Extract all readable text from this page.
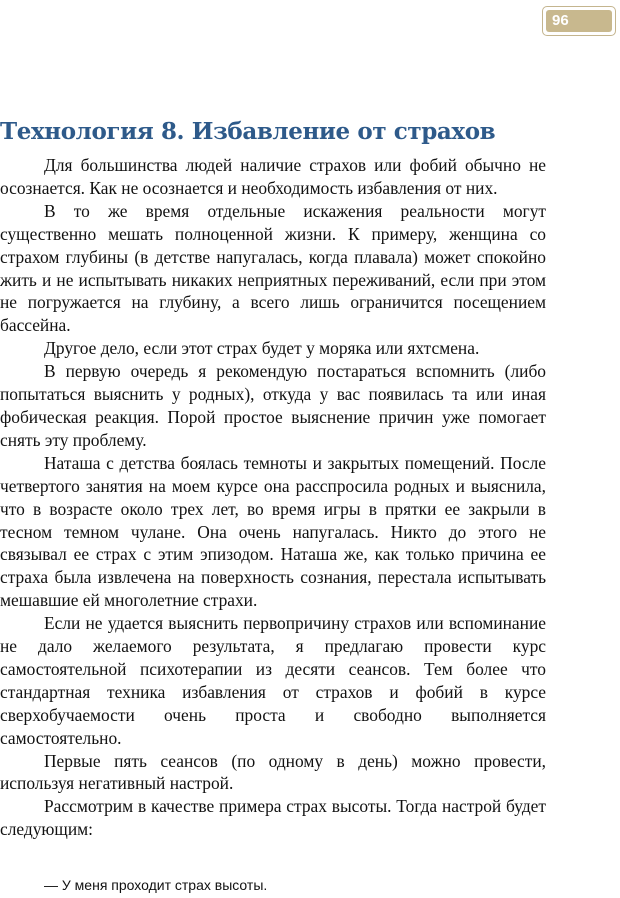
96
Технология 8. Избавление от страхов

Для большинства людей наличие страхов или фобий обычно не осознается. Как не осознается и необходимость избавления от них.

В то же время отдельные искажения реальности могут существенно мешать полноценной жизни. К примеру, женщина со страхом глубины (в детстве напугалась, когда плавала) может спокойно жить и не испытывать никаких неприятных переживаний, если при этом не погружается на глубину, а всего лишь ограничится посещением бассейна.

Другое дело, если этот страх будет у моряка или яхтсмена.

В первую очередь я рекомендую постараться вспомнить (либо попытаться выяснить у родных), откуда у вас появилась та или иная фобическая реакция. Порой простое выяснение причин уже помогает снять эту проблему.

Наташа с детства боялась темноты и закрытых помещений. После четвертого занятия на моем курсе она расспросила родных и выяснила, что в возрасте около трех лет, во время игры в прятки ее закрыли в тесном темном чулане. Она очень напугалась. Никто до этого не связывал ее страх с этим эпизодом. Наташа же, как только причина ее страха была извлечена на поверхность сознания, перестала испытывать мешавшие ей многолетние страхи.

Если не удается выяснить первопричину страхов или вспоминание не дало желаемого результата, я предлагаю провести курс самостоятельной психотерапии из десяти сеансов. Тем более что стандартная техника избавления от страхов и фобий в курсе сверхобучаемости очень проста и свободно выполняется самостоятельно.

Первые пять сеансов (по одному в день) можно провести, используя негативный настрой.

Рассмотрим в качестве примера страх высоты. Тогда настрой будет следующим:

— У меня проходит страх высоты.
